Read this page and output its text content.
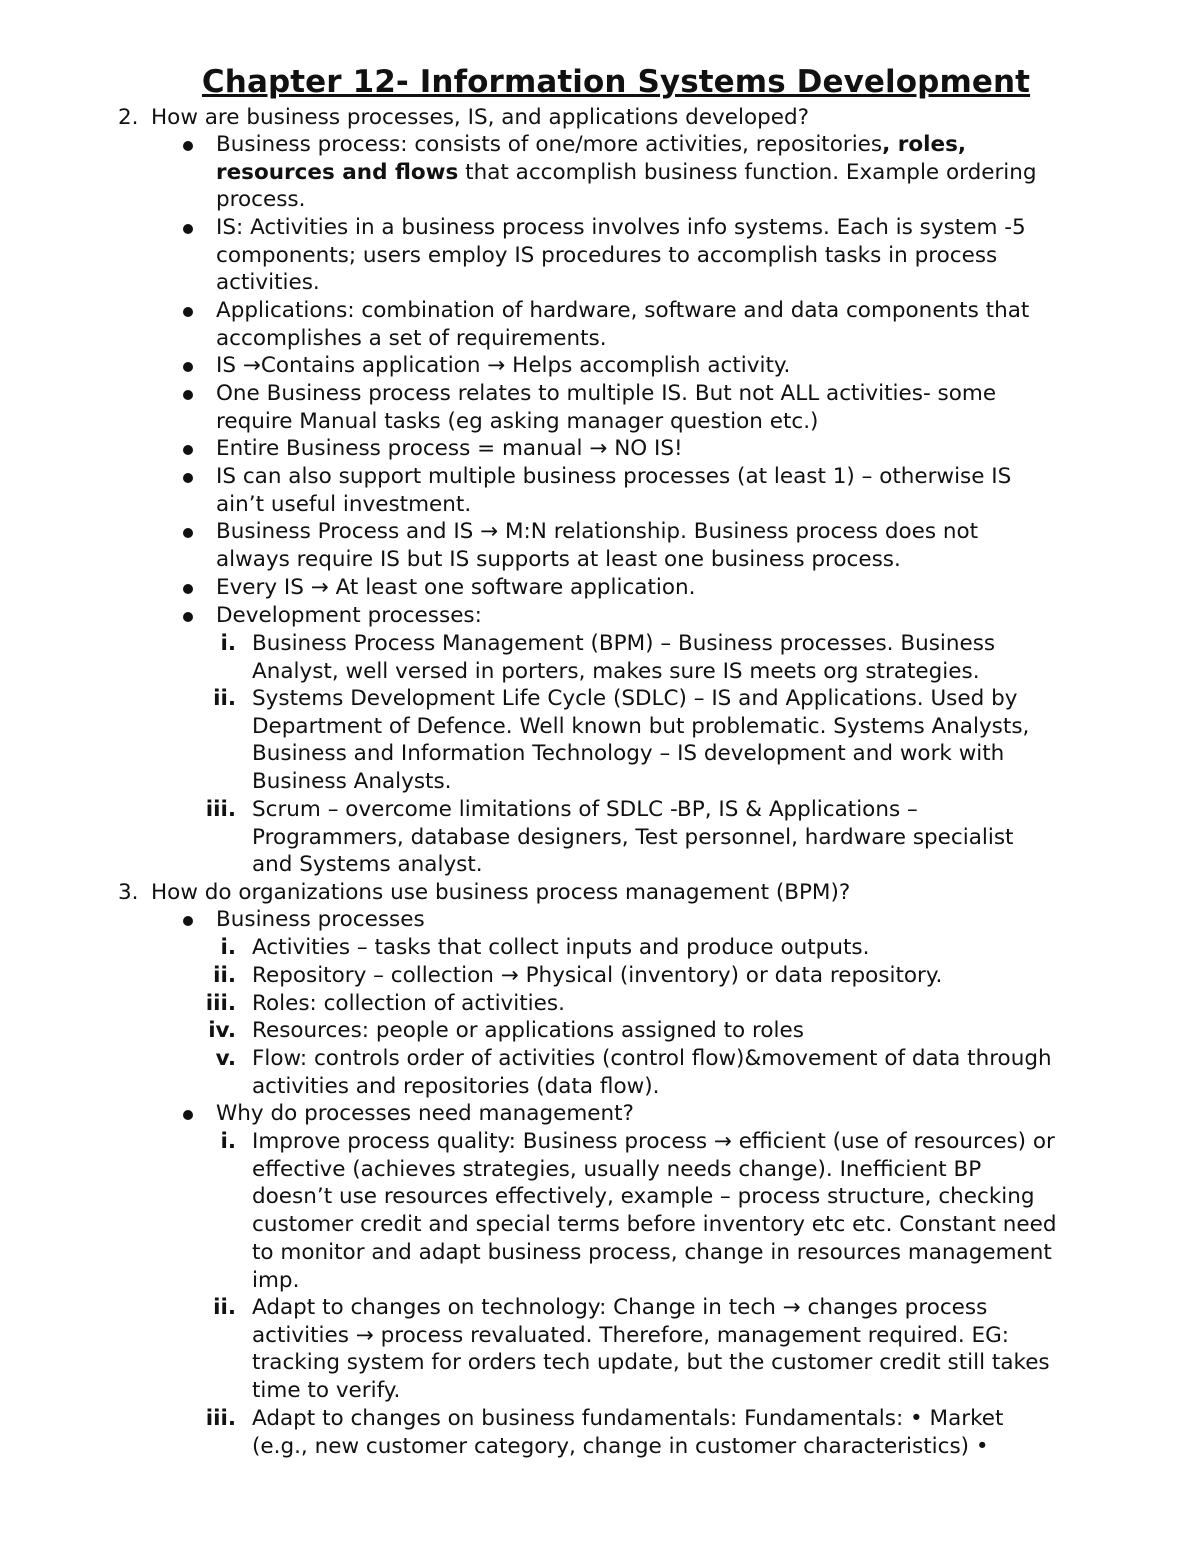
Chapter 12- Information Systems Development
2. How are business processes, IS, and applications developed?
Business process: consists of one/more activities, repositories, roles,
resources and flows that accomplish business function. Example ordering
process.
IS: Activities in a business process involves info systems. Each is system -5
components; users employ IS procedures to accomplish tasks in process
activities.
Applications: combination of hardware, software and data components that
accomplishes a set of requirements.
IS →Contains application → Helps accomplish activity.
One Business process relates to multiple IS. But not ALL activities- some
require Manual tasks (eg asking manager question etc.)
Entire Business process = manual → NO IS!
IS can also support multiple business processes (at least 1) – otherwise IS
ain’t useful investment.
Business Process and IS → M:N relationship. Business process does not
always require IS but IS supports at least one business process.
Every IS → At least one software application.
Development processes:
i. Business Process Management (BPM) – Business processes. Business
Analyst, well versed in porters, makes sure IS meets org strategies.
ii. Systems Development Life Cycle (SDLC) – IS and Applications. Used by
Department of Defence. Well known but problematic. Systems Analysts,
Business and Information Technology – IS development and work with
Business Analysts.
iii. Scrum – overcome limitations of SDLC -BP, IS & Applications –
Programmers, database designers, Test personnel, hardware specialist
and Systems analyst.
3. How do organizations use business process management (BPM)?
Business processes
i. Activities – tasks that collect inputs and produce outputs.
ii. Repository – collection → Physical (inventory) or data repository.
iii. Roles: collection of activities.
iv. Resources: people or applications assigned to roles
v. Flow: controls order of activities (control flow)&movement of data through
activities and repositories (data flow).
Why do processes need management?
i. Improve process quality: Business process → efficient (use of resources) or
effective (achieves strategies, usually needs change). Inefficient BP
doesn’t use resources effectively, example – process structure, checking
customer credit and special terms before inventory etc etc. Constant need
to monitor and adapt business process, change in resources management
imp.
ii. Adapt to changes on technology: Change in tech → changes process
activities → process revaluated. Therefore, management required. EG:
tracking system for orders tech update, but the customer credit still takes
time to verify.
iii. Adapt to changes on business fundamentals: Fundamentals: • Market
(e.g., new customer category, change in customer characteristics) •
